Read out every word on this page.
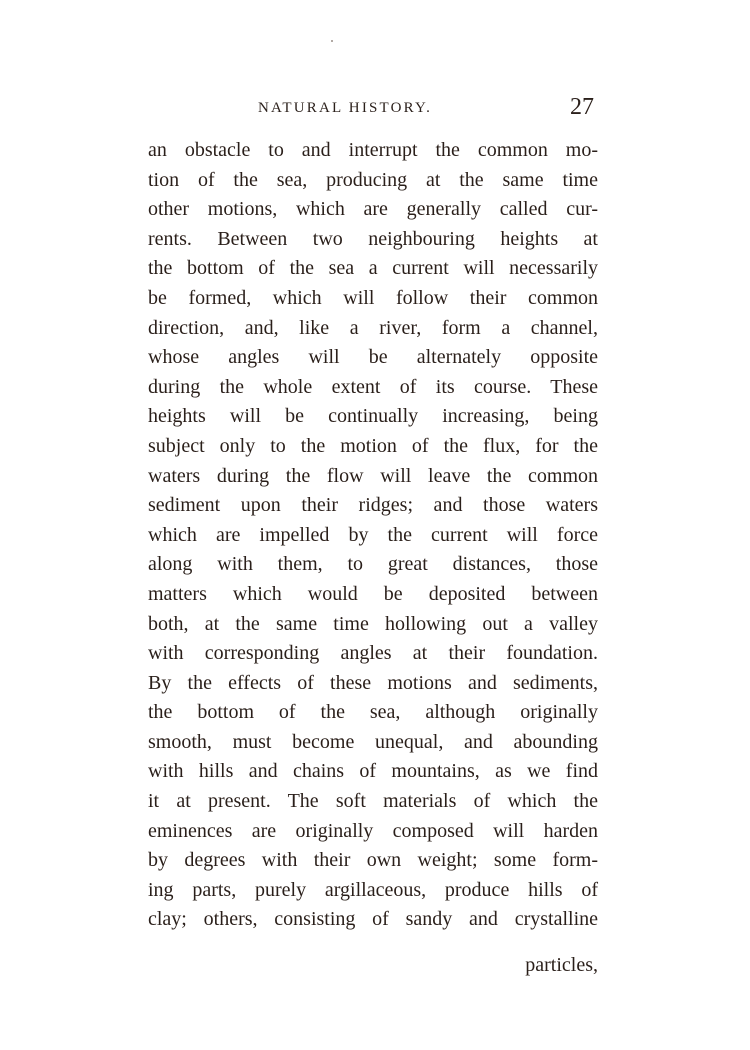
NATURAL HISTORY.	27
an obstacle to and interrupt the common mo-
tion of the sea, producing at the same time
other motions, which are generally called cur-
rents. Between two neighbouring heights at
the bottom of the sea a current will necessarily
be formed, which will follow their common
direction, and, like a river, form a channel,
whose angles will be alternately opposite
during the whole extent of its course. These
heights will be continually increasing, being
subject only to the motion of the flux, for the
waters during the flow will leave the common
sediment upon their ridges; and those waters
which are impelled by the current will force
along with them, to great distances, those
matters which would be deposited between
both, at the same time hollowing out a valley
with corresponding angles at their foundation.
By the effects of these motions and sediments,
the bottom of the sea, although originally
smooth, must become unequal, and abounding
with hills and chains of mountains, as we find
it at present. The soft materials of which the
eminences are originally composed will harden
by degrees with their own weight; some form-
ing parts, purely argillaceous, produce hills of
clay; others, consisting of sandy and crystalline
particles,
